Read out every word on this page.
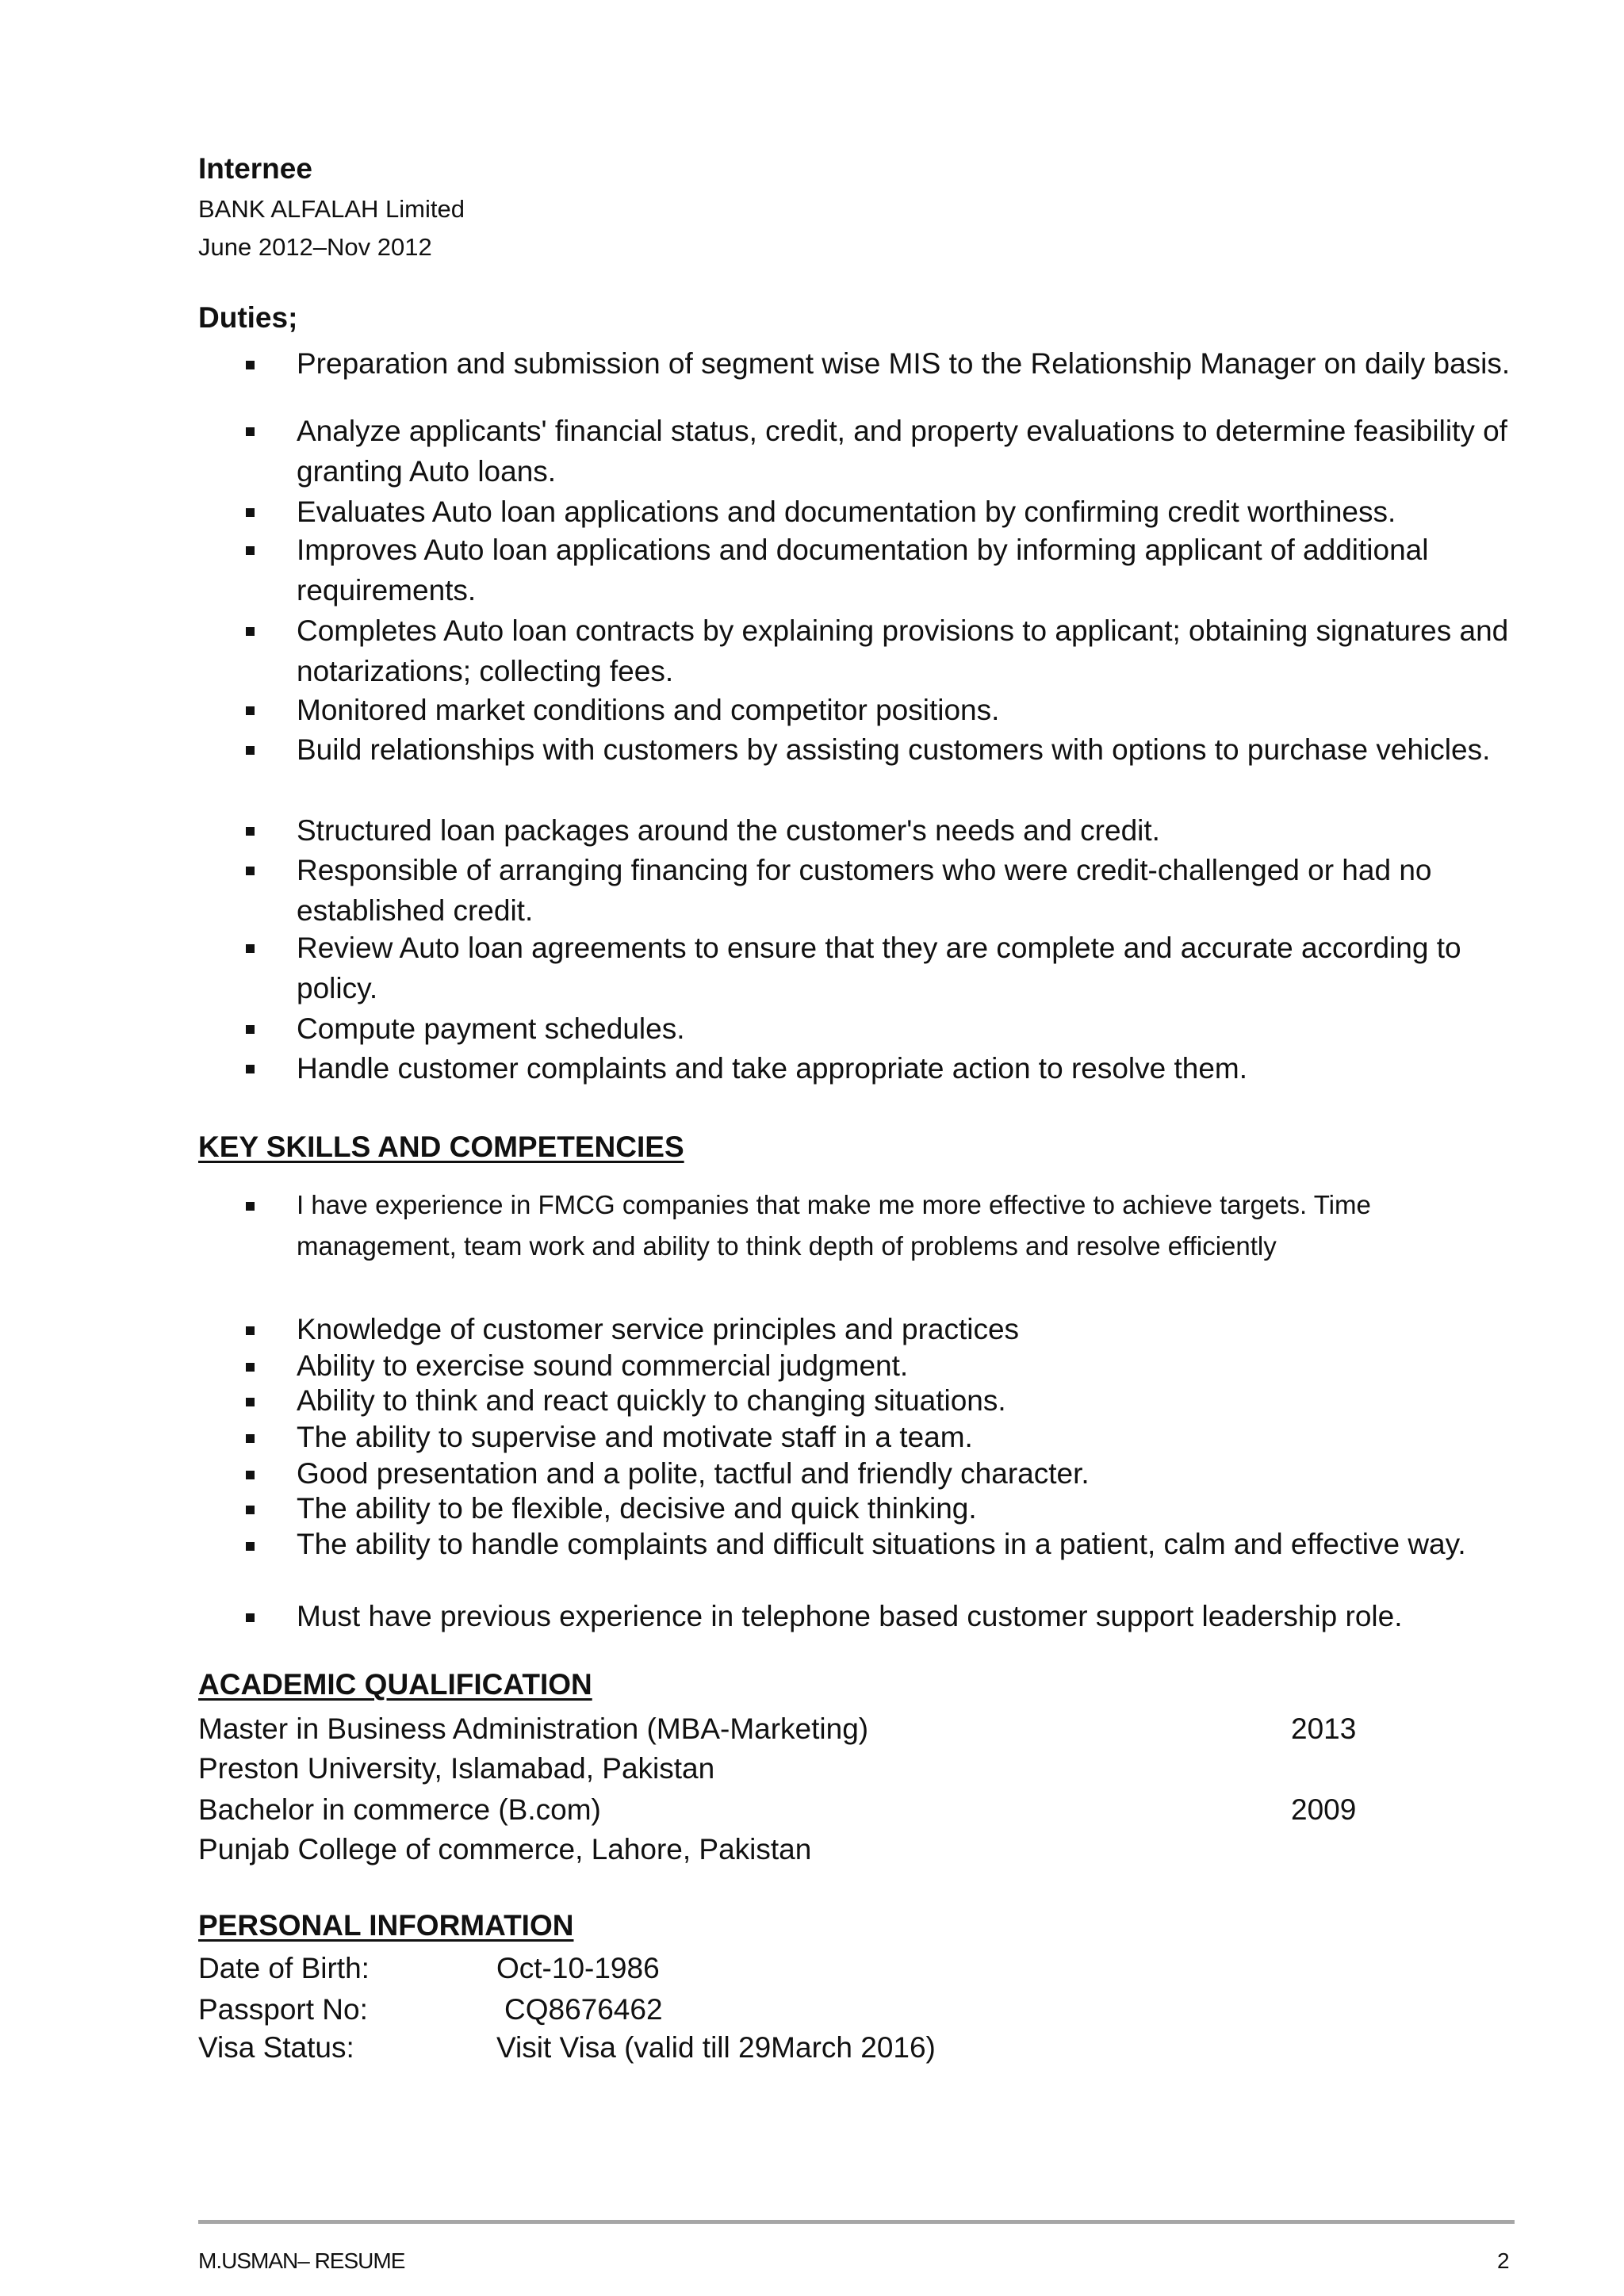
Internee
BANK ALFALAH Limited
June 2012–Nov 2012
Duties;
Preparation and submission of segment wise MIS to the Relationship Manager on daily basis.
Analyze applicants' financial status, credit, and property evaluations to determine feasibility of granting Auto loans.
Evaluates Auto loan applications and documentation by confirming credit worthiness.
Improves Auto loan applications and documentation by informing applicant of additional requirements.
Completes Auto loan contracts by explaining provisions to applicant; obtaining signatures and notarizations; collecting fees.
Monitored market conditions and competitor positions.
Build relationships with customers by assisting customers with options to purchase vehicles.
Structured loan packages around the customer's needs and credit.
Responsible of arranging financing for customers who were credit-challenged or had no established credit.
Review Auto loan agreements to ensure that they are complete and accurate according to policy.
Compute payment schedules.
Handle customer complaints and take appropriate action to resolve them.
KEY SKILLS AND COMPETENCIES
I have experience in FMCG companies that make me more effective to achieve targets. Time management, team work and ability to think depth of problems and resolve efficiently
Knowledge of customer service principles and practices
Ability to exercise sound commercial judgment.
Ability to think and react quickly to changing situations.
The ability to supervise and motivate staff in a team.
Good presentation and a polite, tactful and friendly character.
The ability to be flexible, decisive and quick thinking.
The ability to handle complaints and difficult situations in a patient, calm and effective way.
Must have previous experience in telephone based customer support leadership role.
ACADEMIC QUALIFICATION
Master in Business Administration (MBA-Marketing)	2013
Preston University, Islamabad, Pakistan
Bachelor in commerce (B.com)	2009
Punjab College of commerce, Lahore, Pakistan
PERSONAL INFORMATION
Date of Birth:	Oct-10-1986
Passport No:	CQ8676462
Visa Status:	Visit Visa (valid till 29March 2016)
M.USMAN– RESUME	2
